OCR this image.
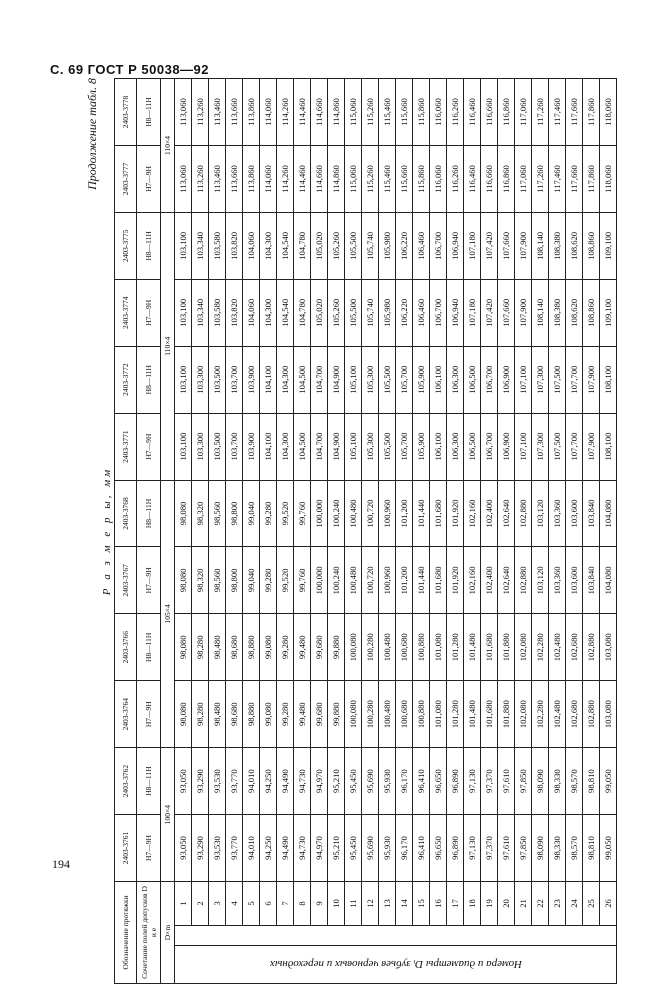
С. 69 ГОСТ Р 50038—92
Продолжение табл. 8
Р а з м е р ы, мм
Обозначение протяжки			2403-3761	2403-3762	2403-3764	2403-3766	2403-3767	2403-3768	2403-3771	2403-3772	2403-3774	2403-3775	2403-3777	2403-3778
Сочетание полей допусков D и e			H7—9H	H8—11H	H7—9H	H8—11H	H7—9H	H8—11H	H7—9H	H8—11H	H7—9H	H8—11H	H7—9H	H8—11H
D×m			100×4		105×4				110×4				110×4	

Номера и диаметры Dᵢ зубьев черновых и переходных		1	93,050	93,050	98,080	98,080	98,080	98,080	103,100	103,100	103,100	103,100	113,060	113,060
		2	93,290	93,290	98,280	98,280	98,320	98,320	103,300	103,300	103,340	103,340	113,260	113,260
		3	93,530	93,530	98,480	98,480	98,560	98,560	103,500	103,500	103,580	103,580	113,460	113,460
		4	93,770	93,770	98,680	98,680	98,800	98,800	103,700	103,700	103,820	103,820	113,660	113,660
		5	94,010	94,010	98,880	98,880	99,040	99,040	103,900	103,900	104,060	104,060	113,860	113,860
		6	94,250	94,250	99,080	99,080	99,280	99,280	104,100	104,100	104,300	104,300	114,060	114,060
		7	94,490	94,490	99,280	99,280	99,520	99,520	104,300	104,300	104,540	104,540	114,260	114,260
		8	94,730	94,730	99,480	99,480	99,760	99,760	104,500	104,500	104,780	104,780	114,460	114,460
		9	94,970	94,970	99,680	99,680	100,000	100,000	104,700	104,700	105,020	105,020	114,660	114,660
		10	95,210	95,210	99,880	99,880	100,240	100,240	104,900	104,900	105,260	105,260	114,860	114,860
		11	95,450	95,450	100,080	100,080	100,480	100,480	105,100	105,100	105,500	105,500	115,060	115,060
		12	95,690	95,690	100,280	100,280	100,720	100,720	105,300	105,300	105,740	105,740	115,260	115,260
		13	95,930	95,930	100,480	100,480	100,960	100,960	105,500	105,500	105,980	105,980	115,460	115,460
		14	96,170	96,170	100,680	100,680	101,200	101,200	105,700	105,700	106,220	106,220	115,660	115,660
		15	96,410	96,410	100,880	100,880	101,440	101,440	105,900	105,900	106,460	106,460	115,860	115,860
		16	96,650	96,650	101,080	101,080	101,680	101,680	106,100	106,100	106,700	106,700	116,060	116,060
		17	96,890	96,890	101,280	101,280	101,920	101,920	106,300	106,300	106,940	106,940	116,260	116,260
		18	97,130	97,130	101,480	101,480	102,160	102,160	106,500	106,500	107,180	107,180	116,460	116,460
		19	97,370	97,370	101,680	101,680	102,400	102,400	106,700	106,700	107,420	107,420	116,660	116,660
		20	97,610	97,610	101,880	101,880	102,640	102,640	106,900	106,900	107,660	107,660	116,860	116,860
		21	97,850	97,850	102,080	102,080	102,880	102,880	107,100	107,100	107,900	107,900	117,060	117,060
		22	98,090	98,090	102,280	102,280	103,120	103,120	107,300	107,300	108,140	108,140	117,260	117,260
		23	98,330	98,330	102,480	102,480	103,360	103,360	107,500	107,500	108,380	108,380	117,460	117,460
		24	98,570	98,570	102,680	102,680	103,600	103,600	107,700	107,700	108,620	108,620	117,660	117,660
		25	98,810	98,810	102,880	102,880	103,840	103,840	107,900	107,900	108,860	108,860	117,860	117,860
		26	99,050	99,050	103,080	103,080	104,080	104,080	108,100	108,100	109,100	109,100	118,060	118,060
194
